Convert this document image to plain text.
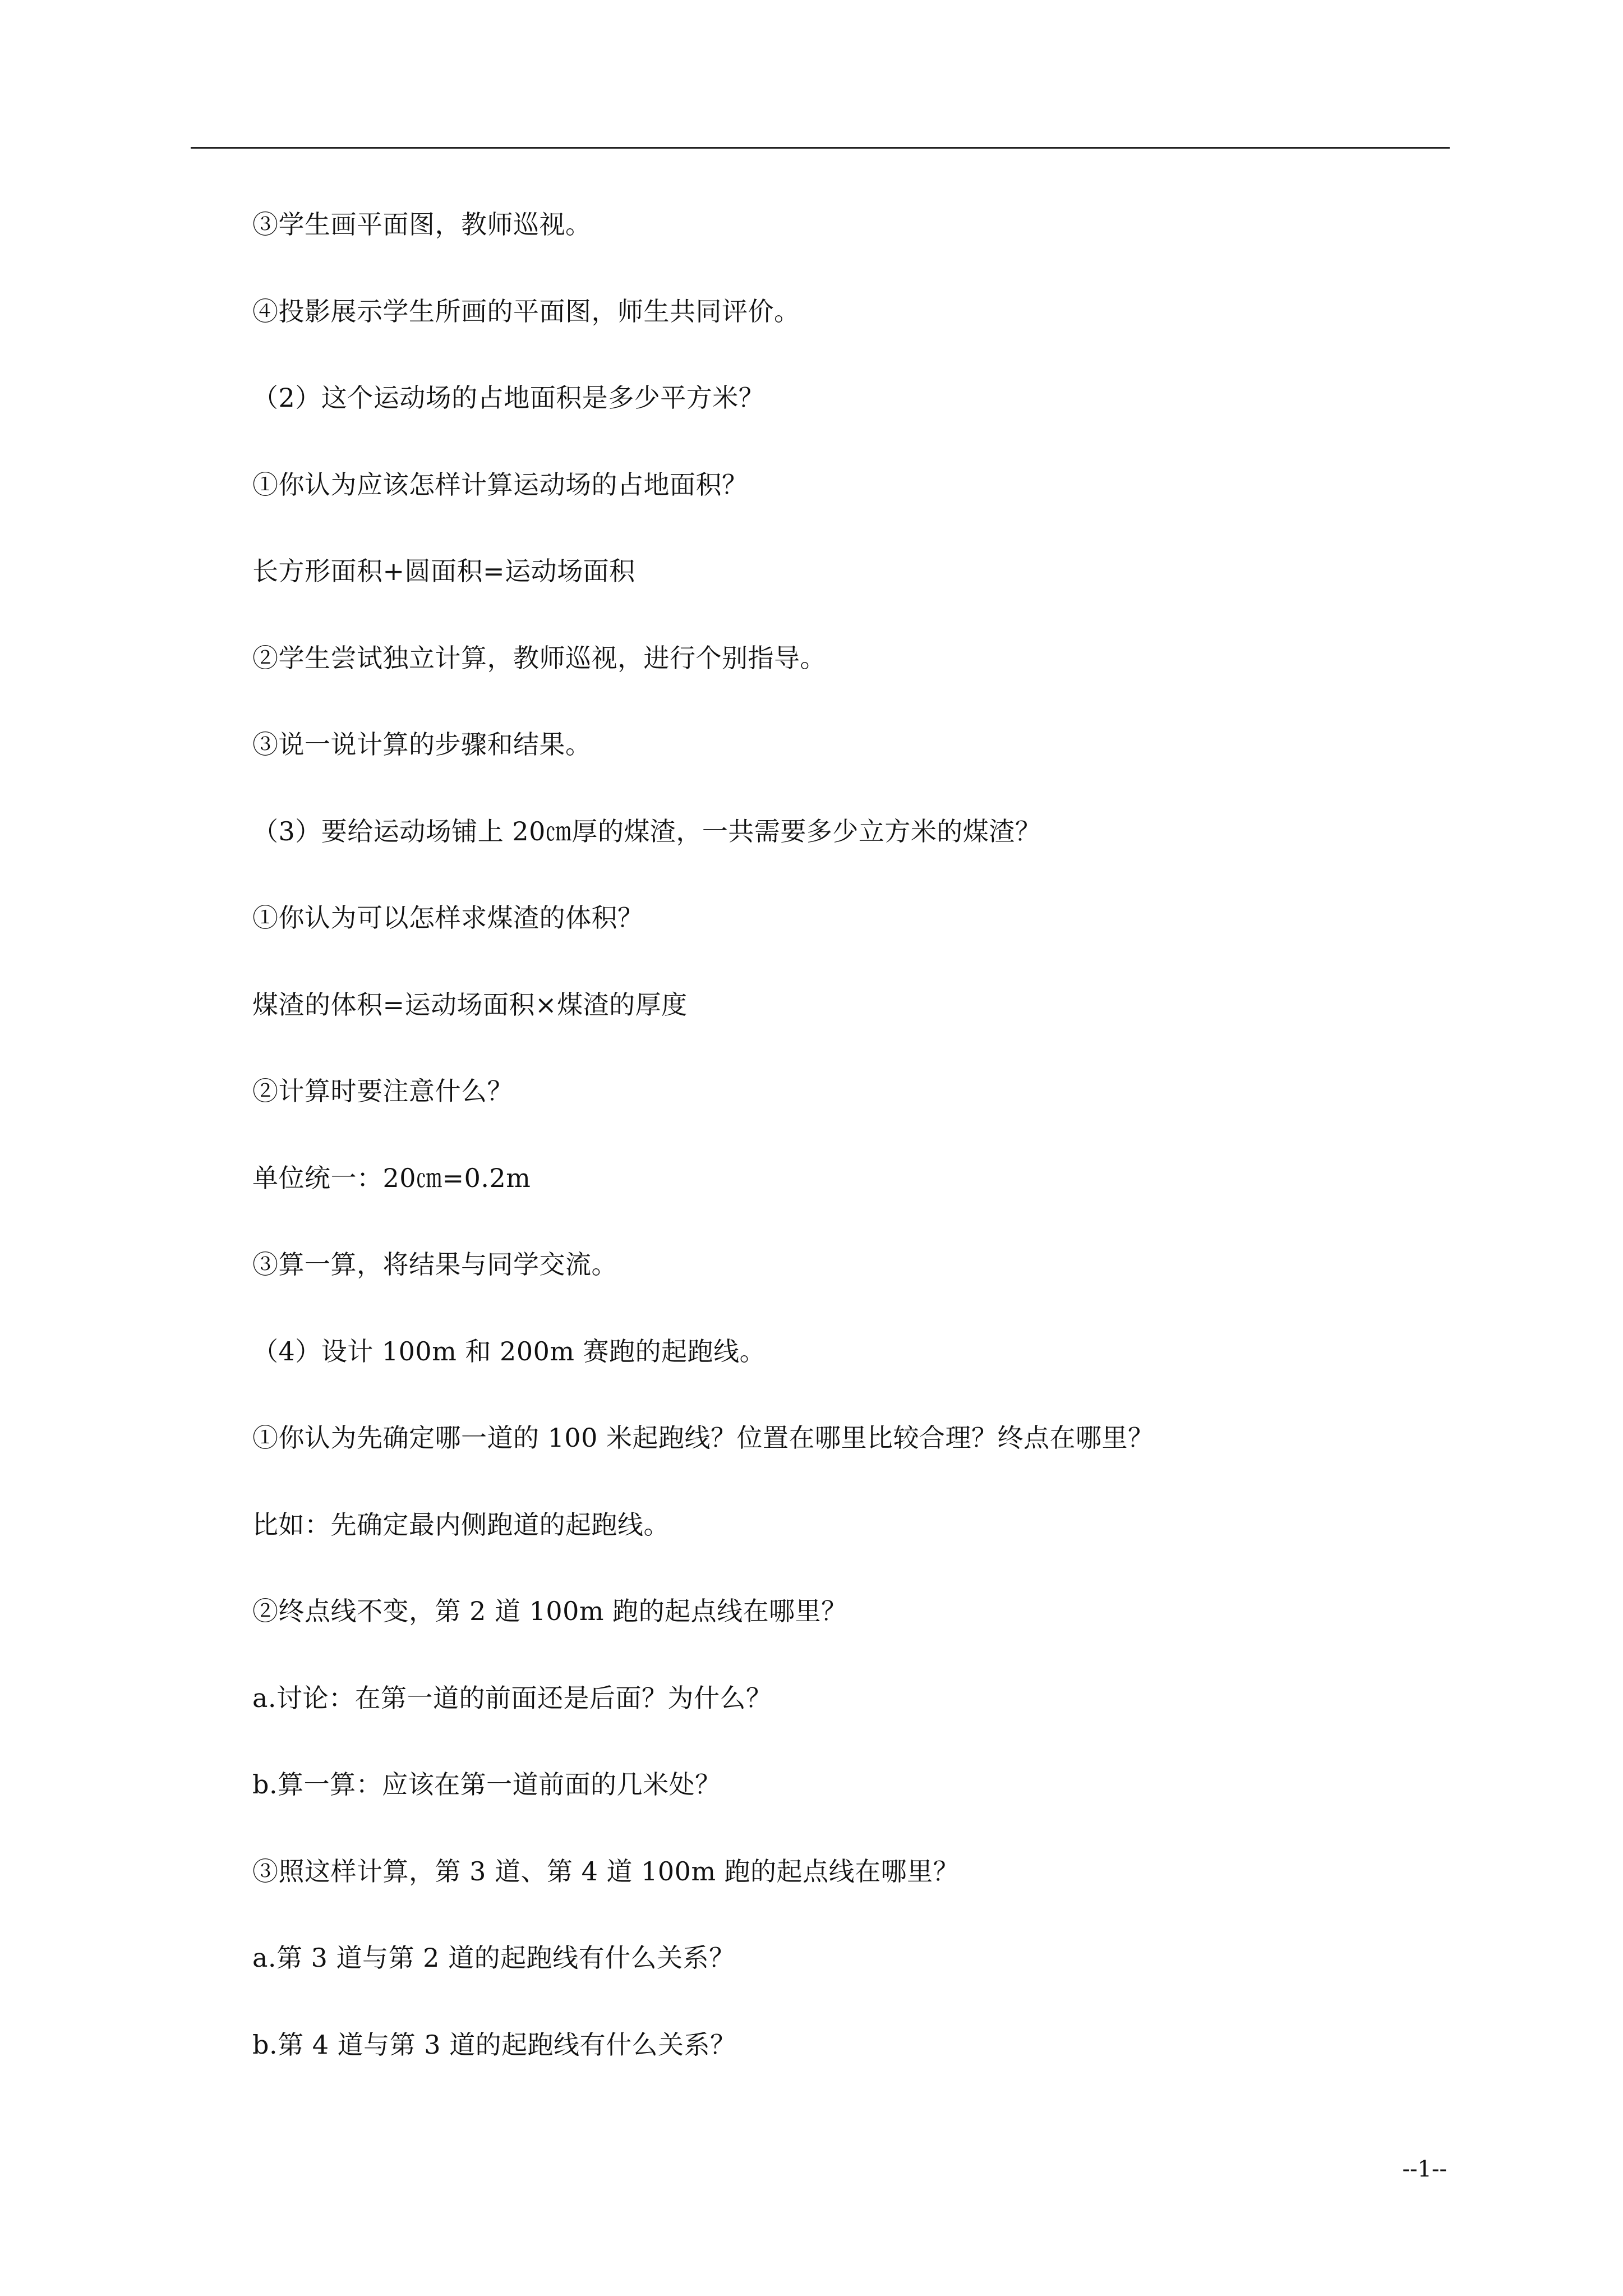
③学生画平面图，教师巡视。

④投影展示学生所画的平面图，师生共同评价。

（2）这个运动场的占地面积是多少平方米？

①你认为应该怎样计算运动场的占地面积？

长方形面积+圆面积=运动场面积

②学生尝试独立计算，教师巡视，进行个别指导。

③说一说计算的步骤和结果。

（3）要给运动场铺上 20㎝厚的煤渣，一共需要多少立方米的煤渣？

①你认为可以怎样求煤渣的体积？

煤渣的体积=运动场面积×煤渣的厚度

②计算时要注意什么？

单位统一：20㎝=0.2m

③算一算，将结果与同学交流。

（4）设计 100m 和 200m 赛跑的起跑线。

①你认为先确定哪一道的 100 米起跑线？位置在哪里比较合理？终点在哪里？

比如：先确定最内侧跑道的起跑线。

②终点线不变，第 2 道 100m 跑的起点线在哪里？

a.讨论：在第一道的前面还是后面？为什么？

b.算一算：应该在第一道前面的几米处？

③照这样计算，第 3 道、第 4 道 100m 跑的起点线在哪里？

a.第 3 道与第 2 道的起跑线有什么关系？

b.第 4 道与第 3 道的起跑线有什么关系？

--1--
